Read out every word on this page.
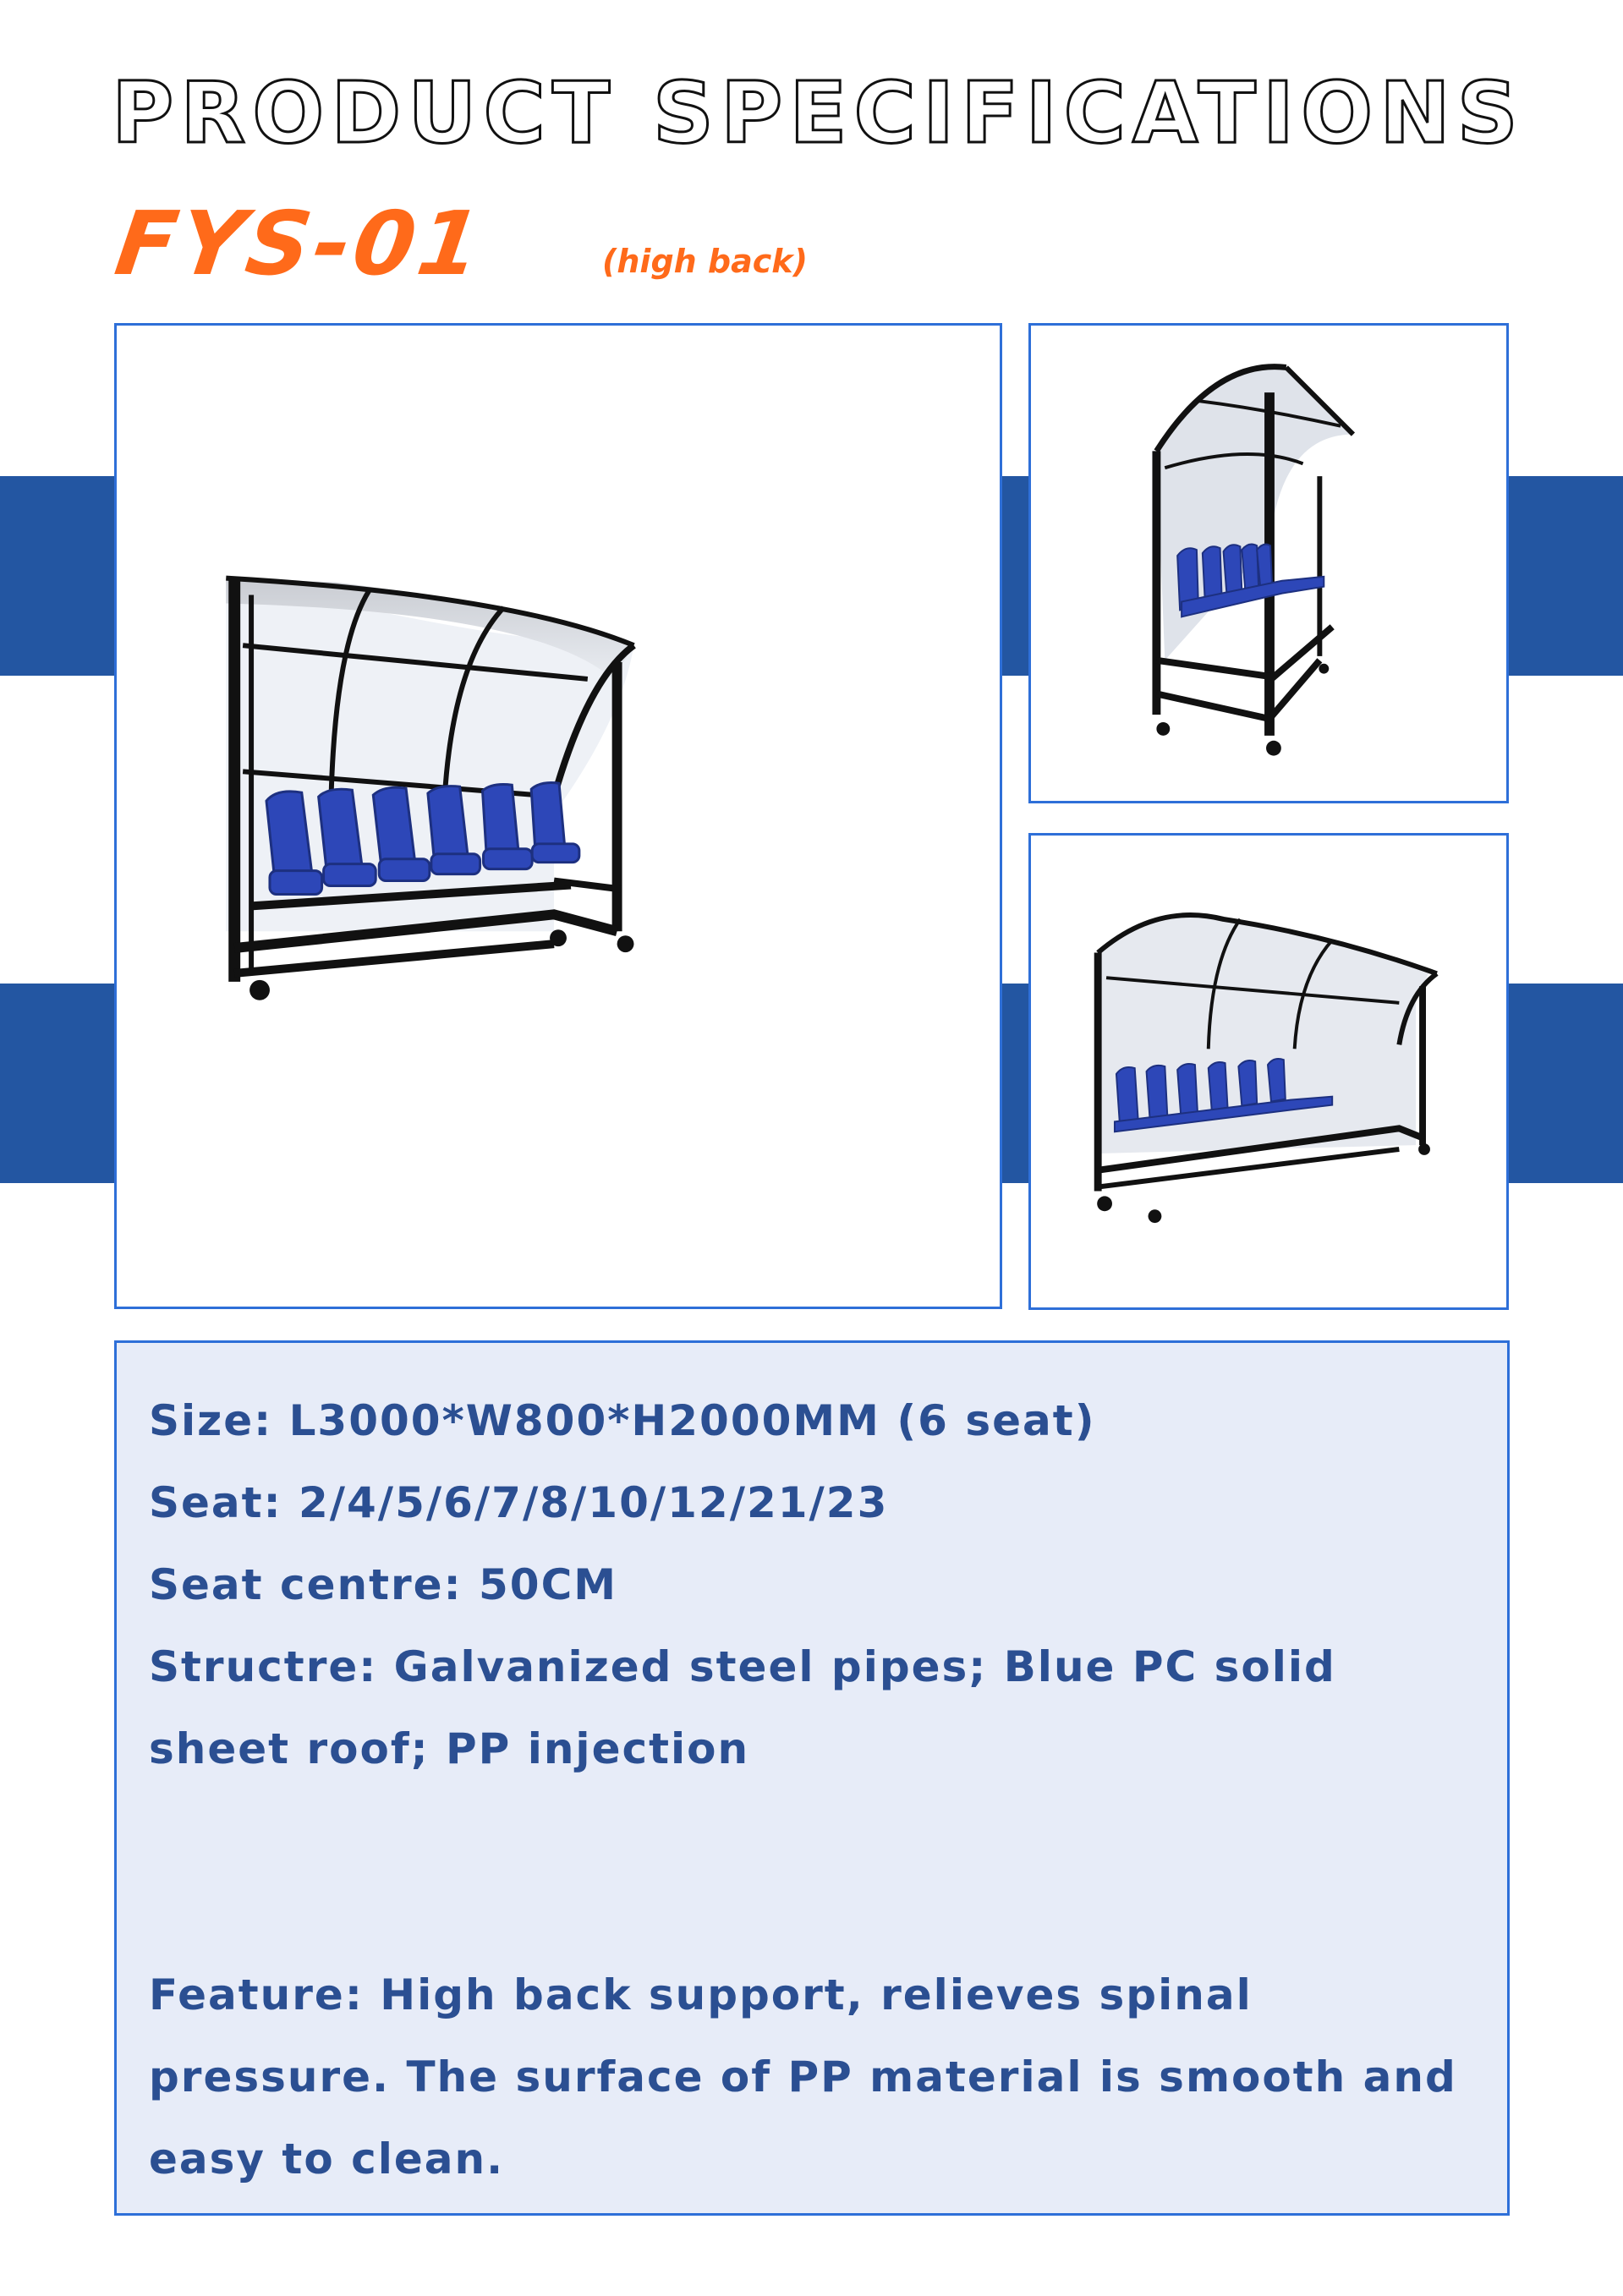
PRODUCT SPECIFICATIONS
FYS-01	(high back)

Size: L3000*W800*H2000MM (6 seat)

Seat: 2/4/5/6/7/8/10/12/21/23

Seat centre: 50CM

Structre: Galvanized steel pipes; Blue PC solid sheet roof; PP injection

Feature: High back support, relieves spinal pressure. The surface of PP material is smooth and easy to clean.
